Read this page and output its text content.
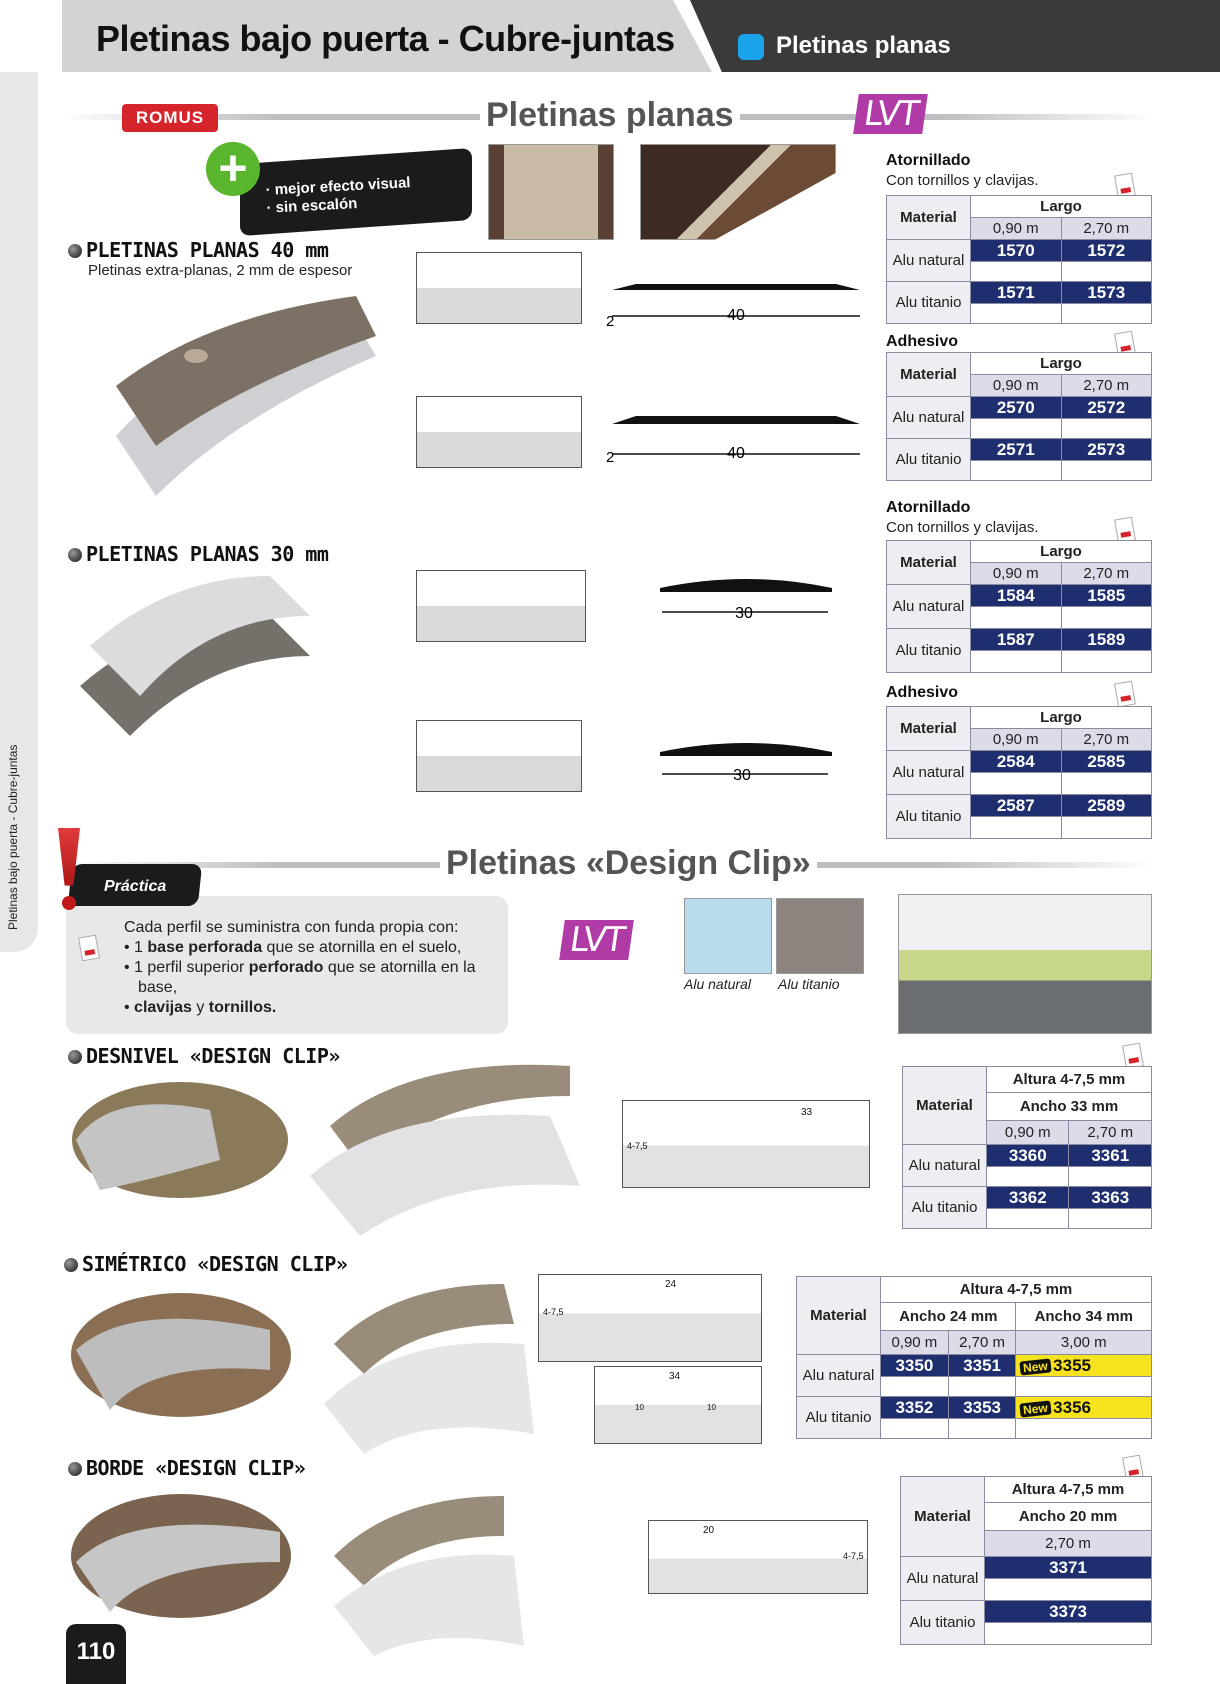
Pletinas bajo puerta - Cubre-juntas	Pletinas planas
Pletinas bajo puerta - Cubre-juntas
ROMUS	Pletinas planas	LVT
+	· mejor efecto visual
· sin escalón
PLETINAS PLANAS 40 mm
Pletinas extra-planas, 2 mm de espesor
40
2
40
2
Atornillado
Con tornillos y clavijas.
Material	Largo	
	0,90 m	2,70 m
Alu natural	1570	1572

Alu titanio	1571	1573

Adhesivo
Material	Largo	
	0,90 m	2,70 m
Alu natural	2570	2572

Alu titanio	2571	2573

PLETINAS PLANAS 30 mm
30
30
Atornillado
Con tornillos y clavijas.
Material	Largo	
	0,90 m	2,70 m
Alu natural	1584	1585

Alu titanio	1587	1589

Adhesivo
Material	Largo	
	0,90 m	2,70 m
Alu natural	2584	2585

Alu titanio	2587	2589

Pletinas «Design Clip»
Práctica
Cada perfil se suministra con funda propia con:
• 1 base perforada que se atornilla en el suelo,
• 1 perfil superior perforado que se atornilla en la
base,
• clavijas y tornillos.
LVT
Alu natural Alu titanio
DESNIVEL «DESIGN CLIP»
33
4-7,5
Material	Altura 4-7,5 mm	
	Ancho 33 mm	
	0,90 m	2,70 m
Alu natural	3360	3361

Alu titanio	3362	3363

SIMÉTRICO «DESIGN CLIP»
24
4-7,5
34
10	10
Material	Altura 4-7,5 mm		
	Ancho 24 mm		Ancho 34 mm
	0,90 m	2,70 m	3,00 m
Alu natural	3350	3351	New 3355

Alu titanio	3352	3353	New 3356

BORDE «DESIGN CLIP»
20
4-7,5
Material	Altura 4-7,5 mm
	Ancho 20 mm
	2,70 m
Alu natural	3371

Alu titanio	3373

110
